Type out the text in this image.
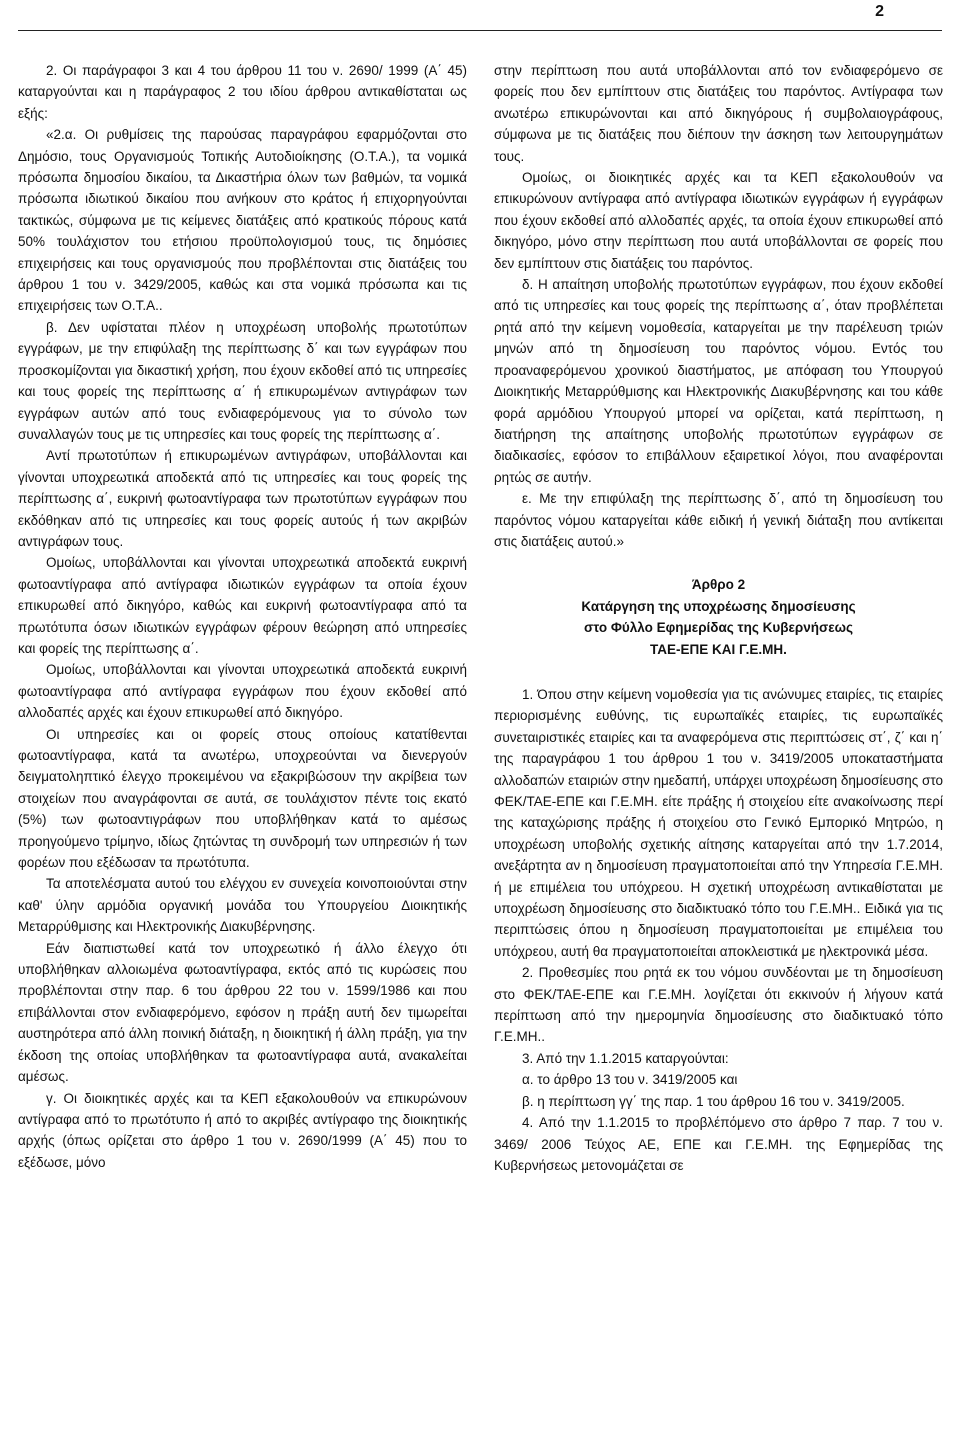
2

2. Οι παράγραφοι 3 και 4 του άρθρου 11 του ν. 2690/ 1999 (Α΄ 45) καταργούνται και η παράγραφος 2 του ιδίου άρθρου αντικαθίσταται ως εξής:

«2.α. Οι ρυθμίσεις της παρούσας παραγράφου εφαρμόζονται στο Δημόσιο, τους Οργανισμούς Τοπικής Αυτοδιοίκησης (Ο.Τ.Α.), τα νομικά πρόσωπα δημοσίου δικαίου, τα Δικαστήρια όλων των βαθμών, τα νομικά πρόσωπα ιδιωτικού δικαίου που ανήκουν στο κράτος ή επιχορηγούνται τακτικώς, σύμφωνα με τις κείμενες διατάξεις από κρατικούς πόρους κατά 50% τουλάχιστον του ετήσιου προϋπολογισμού τους, τις δημόσιες επιχειρήσεις και τους οργανισμούς που προβλέπονται στις διατάξεις του άρθρου 1 του ν. 3429/2005, καθώς και στα νομικά πρόσωπα και τις επιχειρήσεις των Ο.Τ.Α..

β. Δεν υφίσταται πλέον η υποχρέωση υποβολής πρωτοτύπων εγγράφων, με την επιφύλαξη της περίπτωσης δ΄ και των εγγράφων που προσκομίζονται για δικαστική χρήση, που έχουν εκδοθεί από τις υπηρεσίες και τους φορείς της περίπτωσης α΄ ή επικυρωμένων αντιγράφων των εγγράφων αυτών από τους ενδιαφερόμενους για το σύνολο των συναλλαγών τους με τις υπηρεσίες και τους φορείς της περίπτωσης α΄.

Αντί πρωτοτύπων ή επικυρωμένων αντιγράφων, υποβάλλονται και γίνονται υποχρεωτικά αποδεκτά από τις υπηρεσίες και τους φορείς της περίπτωσης α΄, ευκρινή φωτοαντίγραφα των πρωτοτύπων εγγράφων που εκδόθηκαν από τις υπηρεσίες και τους φορείς αυτούς ή των ακριβών αντιγράφων τους.

Ομοίως, υποβάλλονται και γίνονται υποχρεωτικά αποδεκτά ευκρινή φωτοαντίγραφα από αντίγραφα ιδιωτικών εγγράφων τα οποία έχουν επικυρωθεί από δικηγόρο, καθώς και ευκρινή φωτοαντίγραφα από τα πρωτότυπα όσων ιδιωτικών εγγράφων φέρουν θεώρηση από υπηρεσίες και φορείς της περίπτωσης α΄.

Ομοίως, υποβάλλονται και γίνονται υποχρεωτικά αποδεκτά ευκρινή φωτοαντίγραφα από αντίγραφα εγγράφων που έχουν εκδοθεί από αλλοδαπές αρχές και έχουν επικυρωθεί από δικηγόρο.

Οι υπηρεσίες και οι φορείς στους οποίους κατατίθενται φωτοαντίγραφα, κατά τα ανωτέρω, υποχρεούνται να διενεργούν δειγματοληπτικό έλεγχο προκειμένου να εξακριβώσουν την ακρίβεια των στοιχείων που αναγράφονται σε αυτά, σε τουλάχιστον πέντε τοις εκατό (5%) των φωτοαντιγράφων που υποβλήθηκαν κατά το αμέσως προηγούμενο τρίμηνο, ιδίως ζητώντας τη συνδρομή των υπηρεσιών ή των φορέων που εξέδωσαν τα πρωτότυπα.

Τα αποτελέσματα αυτού του ελέγχου εν συνεχεία κοινοποιούνται στην καθ' ύλην αρμόδια οργανική μονάδα του Υπουργείου Διοικητικής Μεταρρύθμισης και Ηλεκτρονικής Διακυβέρνησης.

Εάν διαπιστωθεί κατά τον υποχρεωτικό ή άλλο έλεγχο ότι υποβλήθηκαν αλλοιωμένα φωτοαντίγραφα, εκτός από τις κυρώσεις που προβλέπονται στην παρ. 6 του άρθρου 22 του ν. 1599/1986 και που επιβάλλονται στον ενδιαφερόμενο, εφόσον η πράξη αυτή δεν τιμωρείται αυστηρότερα από άλλη ποινική διάταξη, η διοικητική ή άλλη πράξη, για την έκδοση της οποίας υποβλήθηκαν τα φωτοαντίγραφα αυτά, ανακαλείται αμέσως.

γ. Οι διοικητικές αρχές και τα ΚΕΠ εξακολουθούν να επικυρώνουν αντίγραφα από το πρωτότυπο ή από το ακριβές αντίγραφο της διοικητικής αρχής (όπως ορίζεται στο άρθρο 1 του ν. 2690/1999 (Α΄ 45) που το εξέδωσε, μόνο

στην περίπτωση που αυτά υποβάλλονται από τον ενδιαφερόμενο σε φορείς που δεν εμπίπτουν στις διατάξεις του παρόντος. Αντίγραφα των ανωτέρω επικυρώνονται και από δικηγόρους ή συμβολαιογράφους, σύμφωνα με τις διατάξεις που διέπουν την άσκηση των λειτουργημάτων τους.

Ομοίως, οι διοικητικές αρχές και τα ΚΕΠ εξακολουθούν να επικυρώνουν αντίγραφα από αντίγραφα ιδιωτικών εγγράφων ή εγγράφων που έχουν εκδοθεί από αλλοδαπές αρχές, τα οποία έχουν επικυρωθεί από δικηγόρο, μόνο στην περίπτωση που αυτά υποβάλλονται σε φορείς που δεν εμπίπτουν στις διατάξεις του παρόντος.

δ. Η απαίτηση υποβολής πρωτοτύπων εγγράφων, που έχουν εκδοθεί από τις υπηρεσίες και τους φορείς της περίπτωσης α΄, όταν προβλέπεται ρητά από την κείμενη νομοθεσία, καταργείται με την παρέλευση τριών μηνών από τη δημοσίευση του παρόντος νόμου. Εντός του προαναφερόμενου χρονικού διαστήματος, με απόφαση του Υπουργού Διοικητικής Μεταρρύθμισης και Ηλεκτρονικής Διακυβέρνησης και του κάθε φορά αρμόδιου Υπουργού μπορεί να ορίζεται, κατά περίπτωση, η διατήρηση της απαίτησης υποβολής πρωτοτύπων εγγράφων σε διαδικασίες, εφόσον το επιβάλλουν εξαιρετικοί λόγοι, που αναφέρονται ρητώς σε αυτήν.

ε. Με την επιφύλαξη της περίπτωσης δ΄, από τη δημοσίευση του παρόντος νόμου καταργείται κάθε ειδική ή γενική διάταξη που αντίκειται στις διατάξεις αυτού.»

Άρθρο 2
Κατάργηση της υποχρέωσης δημοσίευσης
στο Φύλλο Εφημερίδας της Κυβερνήσεως
ΤΑΕ-ΕΠΕ ΚΑΙ Γ.Ε.ΜΗ.

1. Όπου στην κείμενη νομοθεσία για τις ανώνυμες εταιρίες, τις εταιρίες περιορισμένης ευθύνης, τις ευρωπαϊκές εταιρίες, τις ευρωπαϊκές συνεταιριστικές εταιρίες και τα αναφερόμενα στις περιπτώσεις στ΄, ζ΄ και η΄ της παραγράφου 1 του άρθρου 1 του ν. 3419/2005 υποκαταστήματα αλλοδαπών εταιριών στην ημεδαπή, υπάρχει υποχρέωση δημοσίευσης στο ΦΕΚ/ΤΑΕ-ΕΠΕ και Γ.Ε.ΜΗ. είτε πράξης ή στοιχείου είτε ανακοίνωσης περί της καταχώρισης πράξης ή στοιχείου στο Γενικό Εμπορικό Μητρώο, η υποχρέωση υποβολής σχετικής αίτησης καταργείται από την 1.7.2014, ανεξάρτητα αν η δημοσίευση πραγματοποιείται από την Υπηρεσία Γ.Ε.ΜΗ. ή με επιμέλεια του υπόχρεου. Η σχετική υποχρέωση αντικαθίσταται με υποχρέωση δημοσίευσης στο διαδικτυακό τόπο του Γ.Ε.ΜΗ.. Ειδικά για τις περιπτώσεις όπου η δημοσίευση πραγματοποιείται με επιμέλεια του υπόχρεου, αυτή θα πραγματοποιείται αποκλειστικά με ηλεκτρονικά μέσα.

2. Προθεσμίες που ρητά εκ του νόμου συνδέονται με τη δημοσίευση στο ΦΕΚ/ΤΑΕ-ΕΠΕ και Γ.Ε.ΜΗ. λογίζεται ότι εκκινούν ή λήγουν κατά περίπτωση από την ημερομηνία δημοσίευσης στο διαδικτυακό τόπο Γ.Ε.ΜΗ..

3. Από την 1.1.2015 καταργούνται:

α. το άρθρο 13 του ν. 3419/2005 και

β. η περίπτωση γγ΄ της παρ. 1 του άρθρου 16 του ν. 3419/2005.

4. Από την 1.1.2015 το προβλέπόμενο στο άρθρο 7 παρ. 7 του ν. 3469/ 2006 Τεύχος ΑΕ, ΕΠΕ και Γ.Ε.ΜΗ. της Εφημερίδας της Κυβερνήσεως μετονομάζεται σε
